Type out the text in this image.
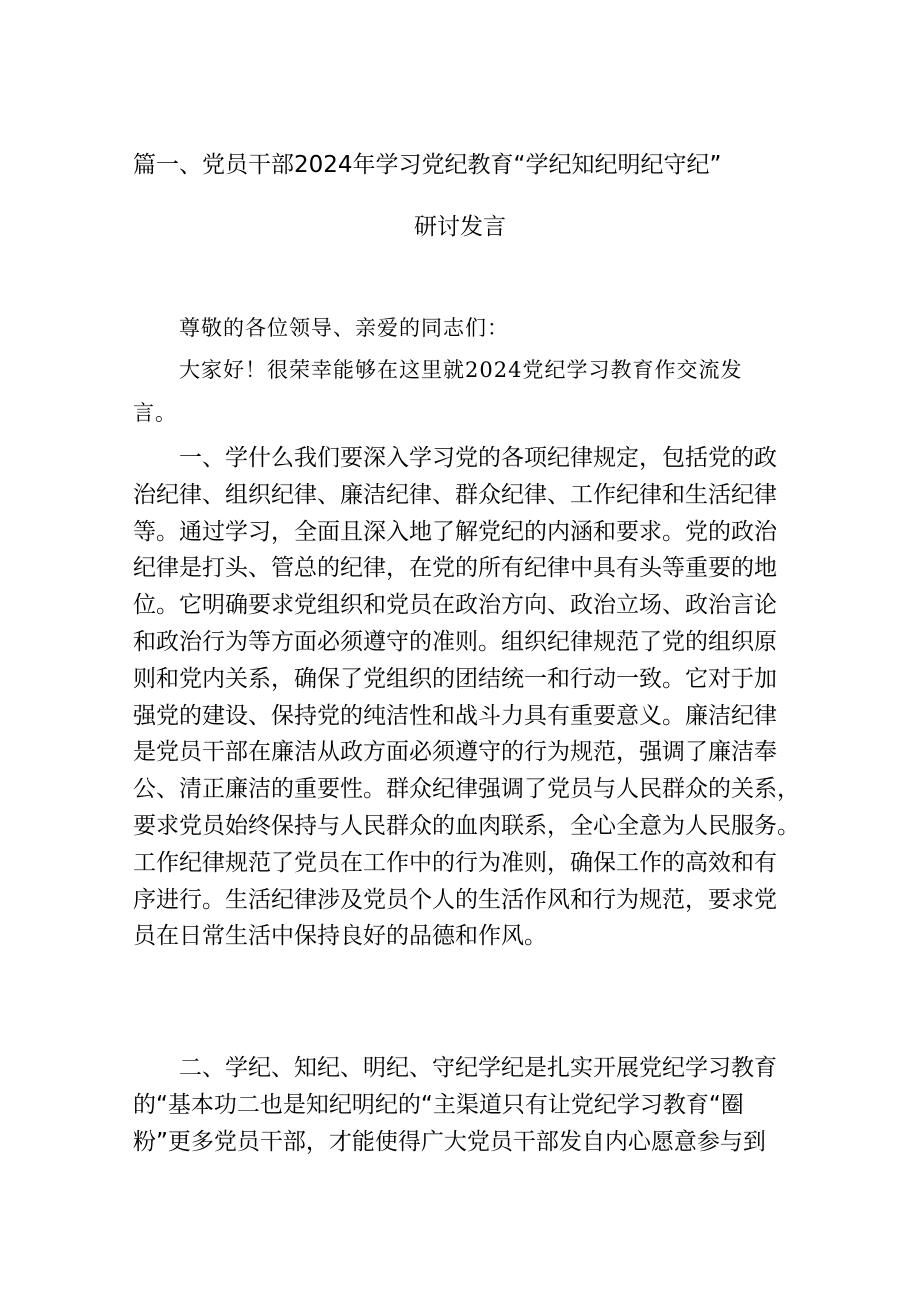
篇一、党员干部2024年学习党纪教育“学纪知纪明纪守纪”
研讨发言
尊敬的各位领导、亲爱的同志们：
大家好！很荣幸能够在这里就2024党纪学习教育作交流发
言。
一、学什么我们要深入学习党的各项纪律规定，包括党的政
治纪律、组织纪律、廉洁纪律、群众纪律、工作纪律和生活纪律
等。通过学习，全面且深入地了解党纪的内涵和要求。党的政治
纪律是打头、管总的纪律，在党的所有纪律中具有头等重要的地
位。它明确要求党组织和党员在政治方向、政治立场、政治言论
和政治行为等方面必须遵守的准则。组织纪律规范了党的组织原
则和党内关系，确保了党组织的团结统一和行动一致。它对于加
强党的建设、保持党的纯洁性和战斗力具有重要意义。廉洁纪律
是党员干部在廉洁从政方面必须遵守的行为规范，强调了廉洁奉
公、清正廉洁的重要性。群众纪律强调了党员与人民群众的关系，
要求党员始终保持与人民群众的血肉联系，全心全意为人民服务。
工作纪律规范了党员在工作中的行为准则，确保工作的高效和有
序进行。生活纪律涉及党员个人的生活作风和行为规范，要求党
员在日常生活中保持良好的品德和作风。
二、学纪、知纪、明纪、守纪学纪是扎实开展党纪学习教育
的“基本功二也是知纪明纪的“主渠道只有让党纪学习教育“圈
粉”更多党员干部，才能使得广大党员干部发自内心愿意参与到
